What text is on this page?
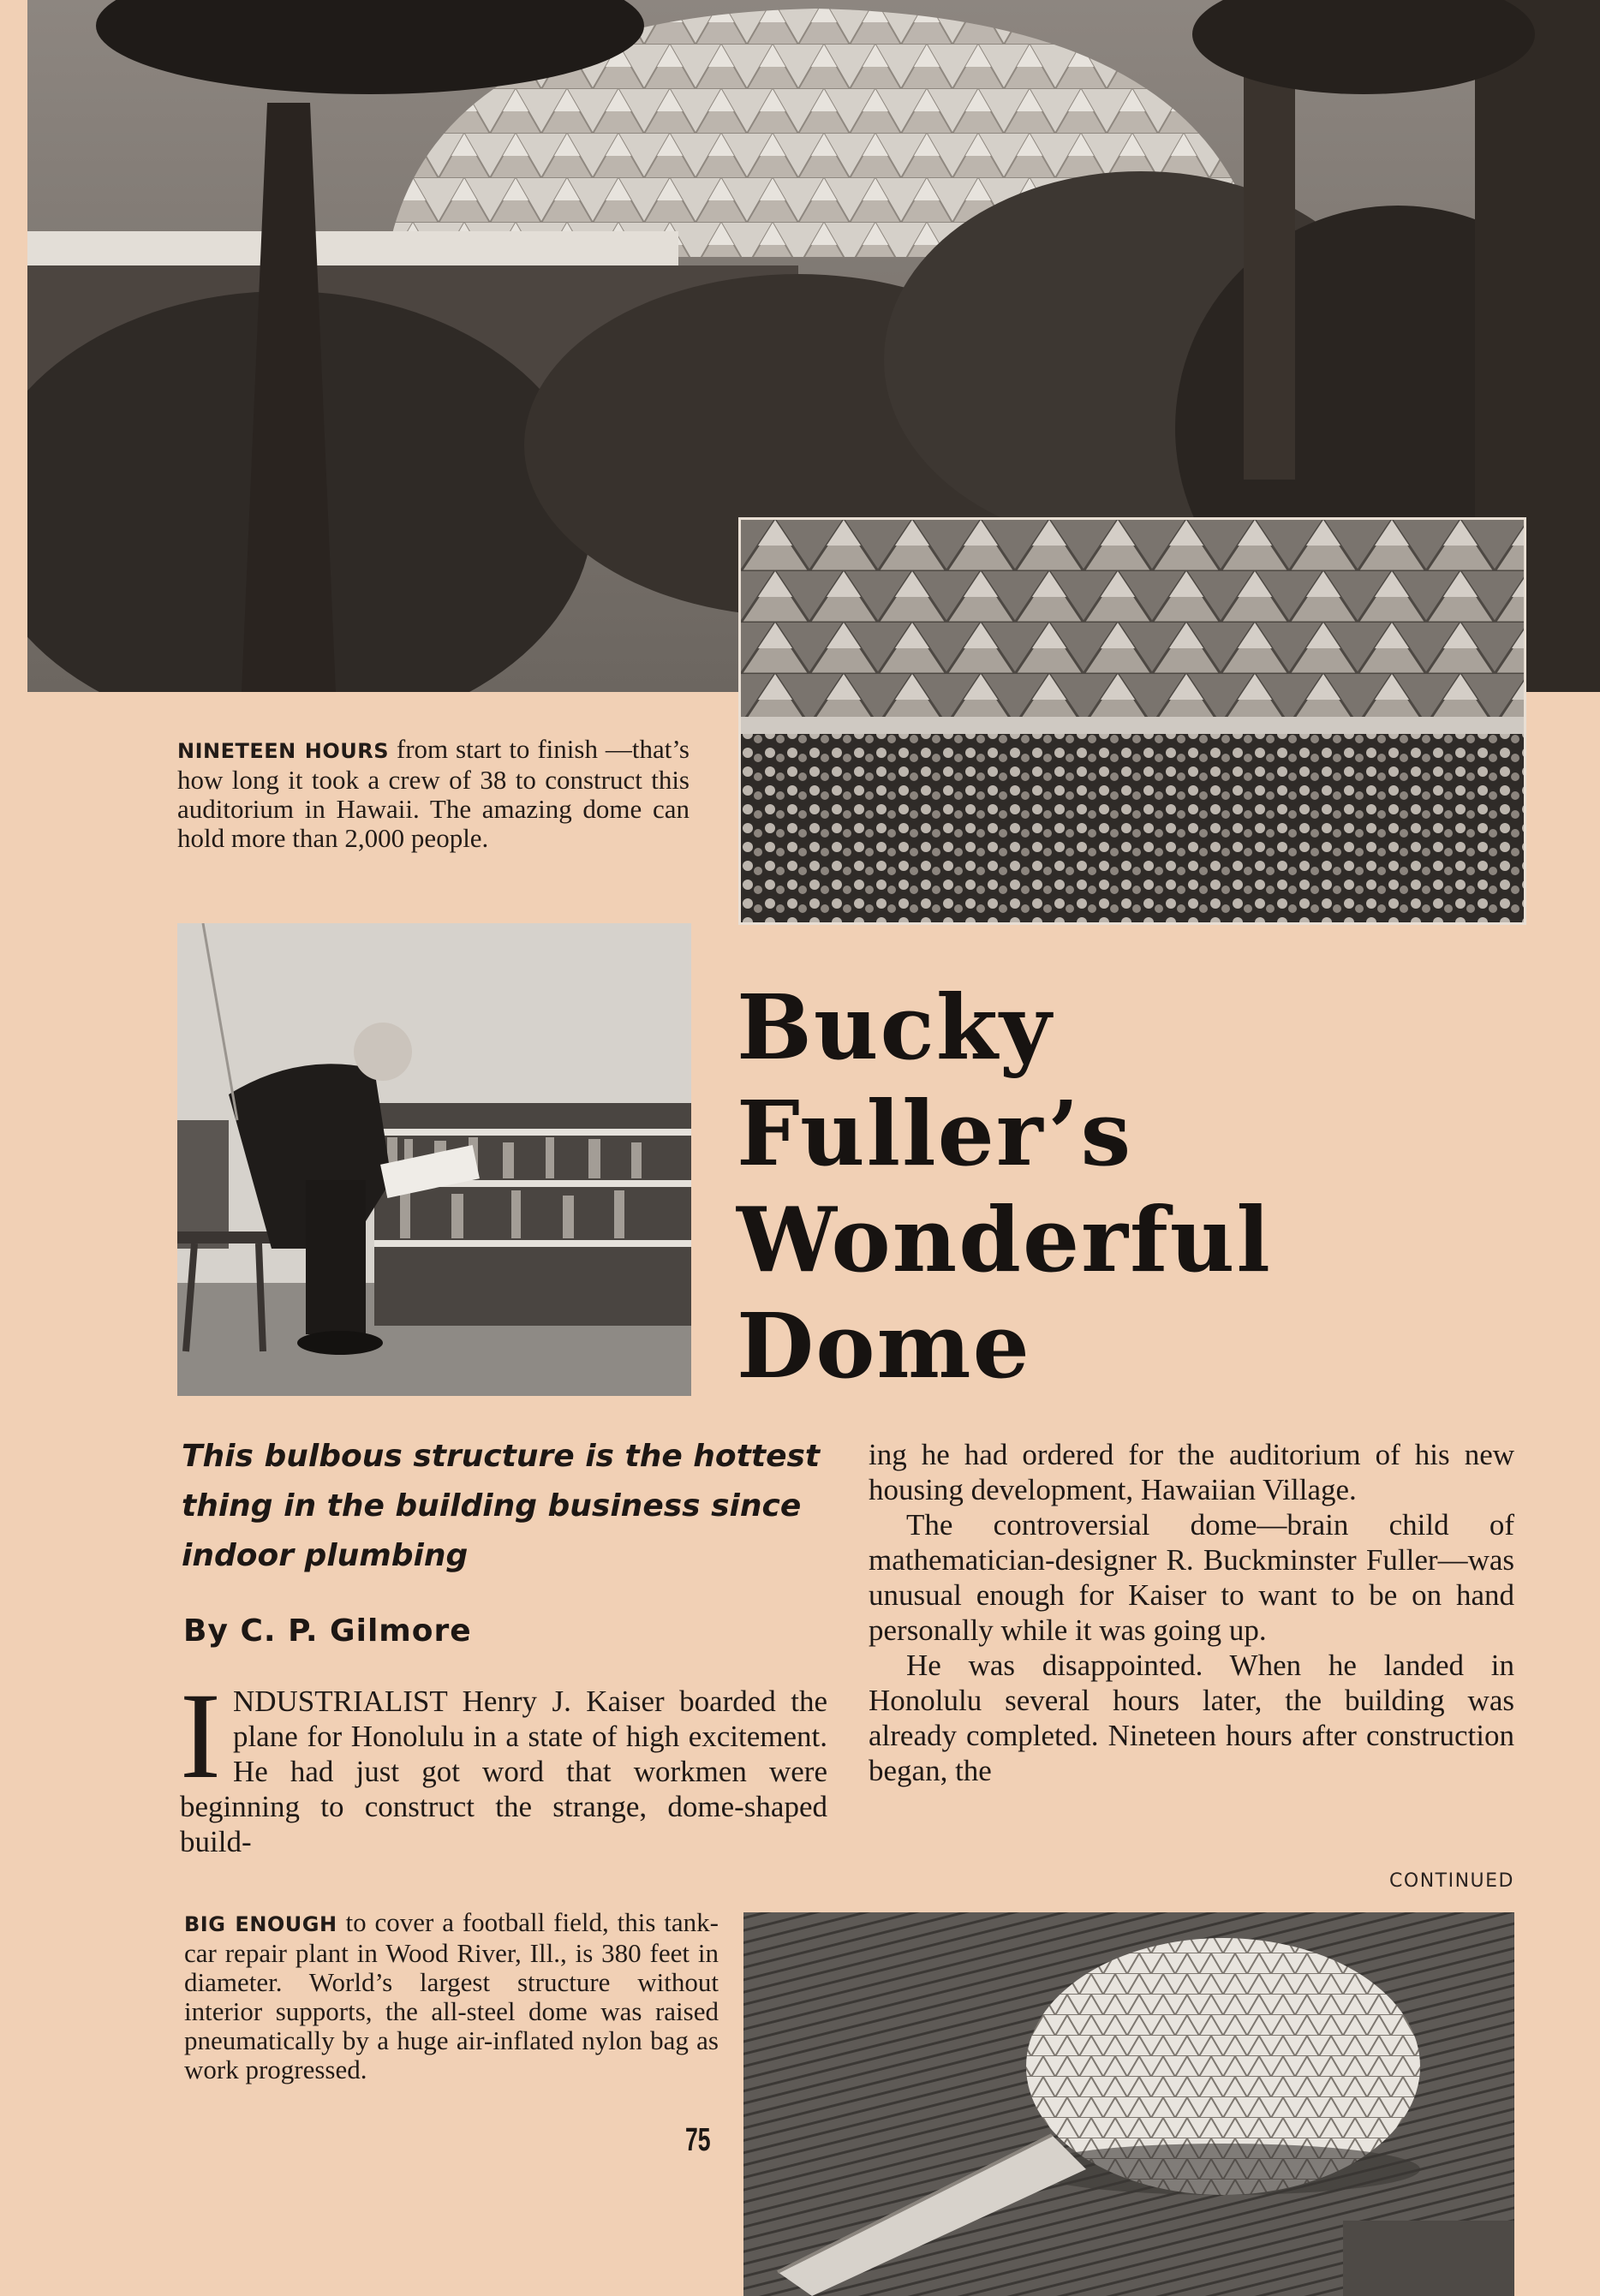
NINETEEN HOURS from start to finish —that’s how long it took a crew of 38 to construct this auditorium in Hawaii. The amazing dome can hold more than 2,000 people.
Bucky
Fuller’s
Wonderful
Dome
This bulbous structure is the hottest thing in the building business since indoor plumbing
By C. P. Gilmore
INDUSTRIALIST Henry J. Kaiser boarded the plane for Honolulu in a state of high excitement. He had just got word that workmen were beginning to construct the strange, dome-shaped build-

ing he had ordered for the auditorium of his new housing development, Hawaiian Village.

The controversial dome—brain child of mathematician-designer R. Buckminster Fuller—was unusual enough for Kaiser to want to be on hand personally while it was going up.

He was disappointed. When he landed in Honolulu several hours later, the building was already completed. Nineteen hours after construction began, the

CONTINUED
BIG ENOUGH to cover a football field, this tank-car repair plant in Wood River, Ill., is 380 feet in diameter. World’s largest structure without interior supports, the all-steel dome was raised pneumatically by a huge air-inflated nylon bag as work progressed.
75
